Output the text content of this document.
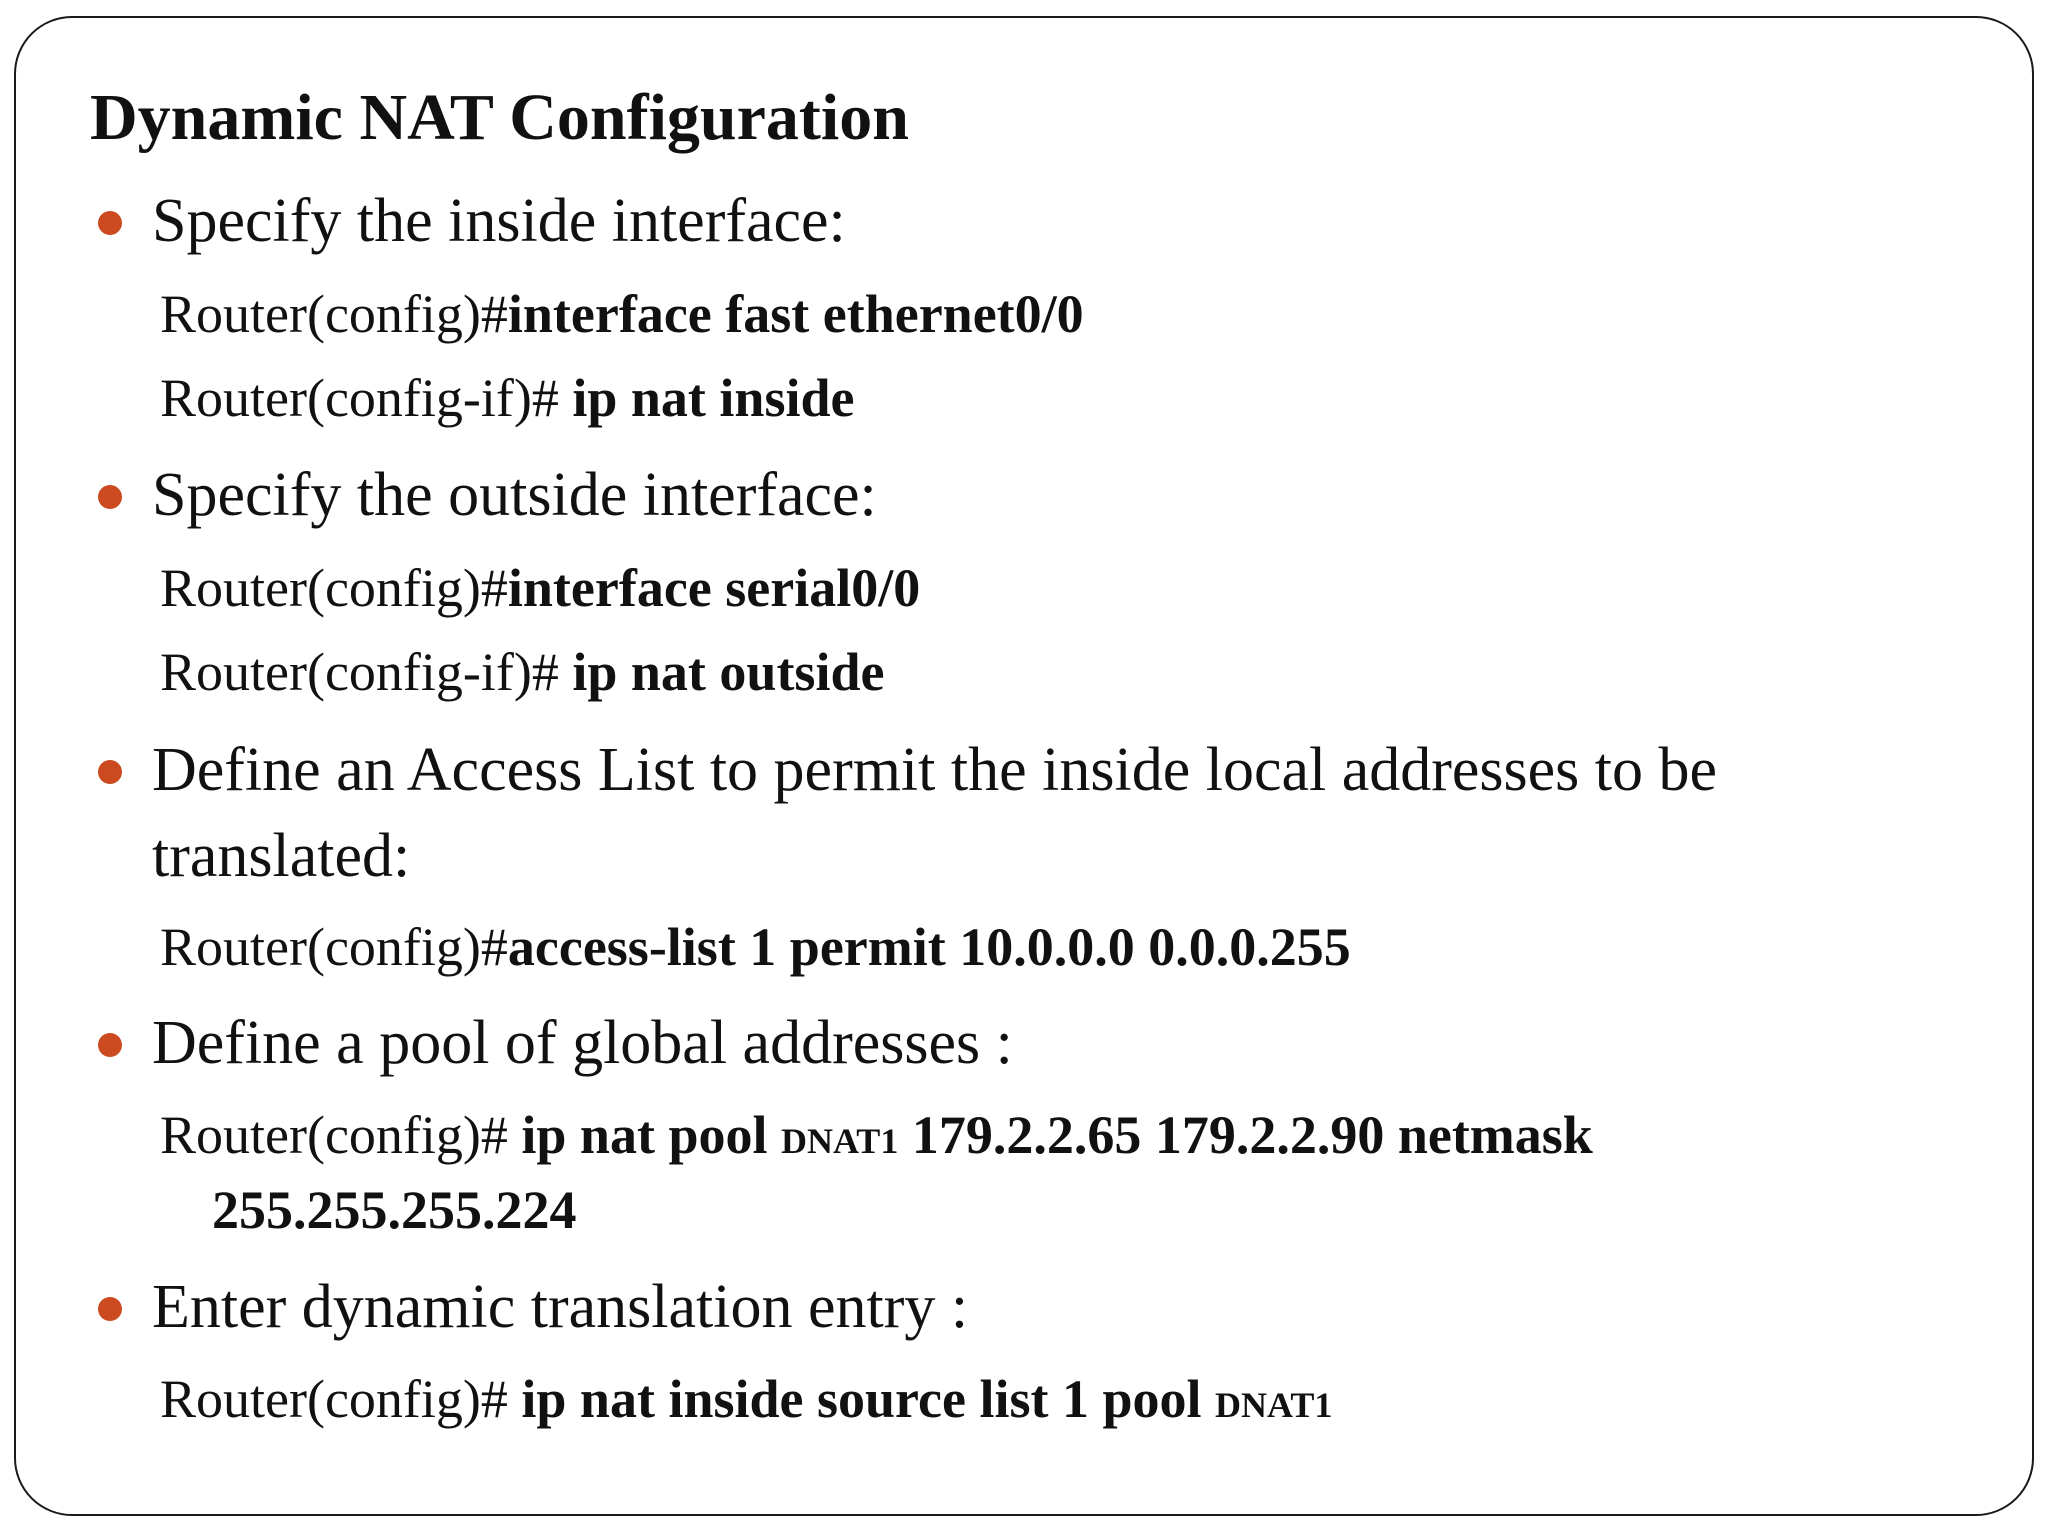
Dynamic NAT Configuration
Specify the inside interface:
Router(config)#interface fast ethernet0/0
Router(config-if)# ip nat inside
Specify the outside interface:
Router(config)#interface serial0/0
Router(config-if)# ip nat outside
Define an Access List to permit the inside local addresses to be
translated:
Router(config)#access-list 1 permit 10.0.0.0 0.0.0.255
Define a pool of global addresses :
Router(config)# ip nat pool DNAT1 179.2.2.65 179.2.2.90 netmask
255.255.255.224
Enter dynamic translation entry :
Router(config)# ip nat inside source list 1 pool DNAT1
